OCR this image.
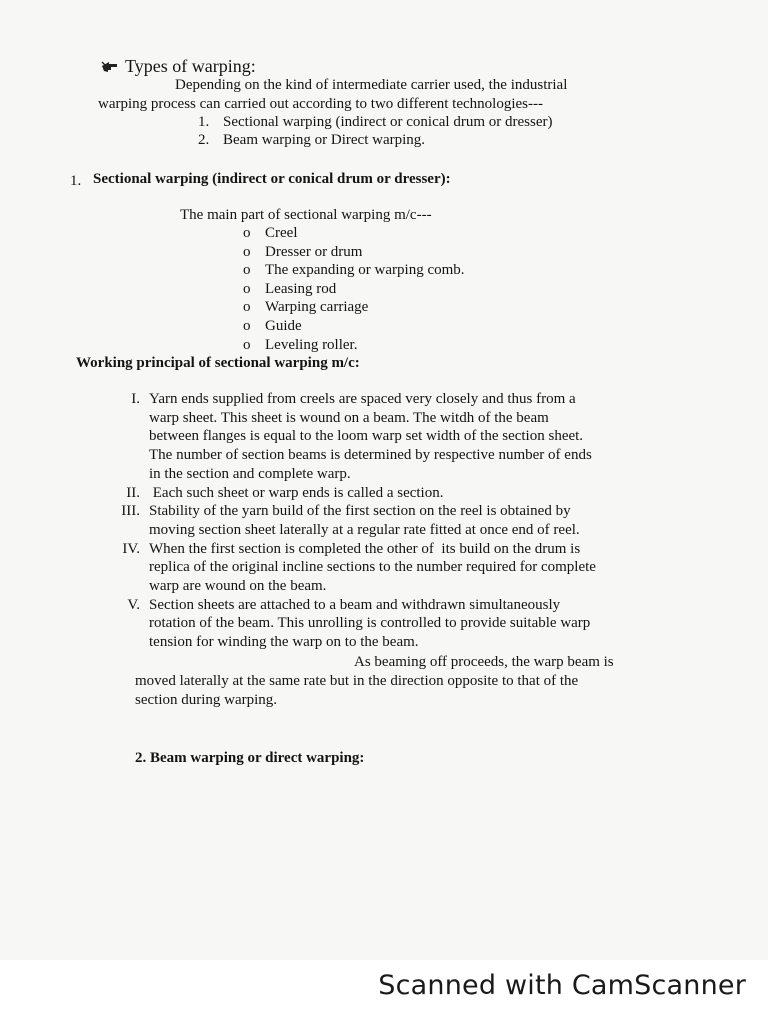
Types of warping:
Depending on the kind of intermediate carrier used, the industrial
warping process can carried out according to two different technologies---
1. Sectional warping (indirect or conical drum or dresser)
2. Beam warping or Direct warping.
1. Sectional warping (indirect or conical drum or dresser):
The main part of sectional warping m/c---
o Creel
o Dresser or drum
o The expanding or warping comb.
o Leasing rod
o Warping carriage
o Guide
o Leveling roller.
Working principal of sectional warping m/c:
I. Yarn ends supplied from creels are spaced very closely and thus from a
warp sheet. This sheet is wound on a beam. The witdh of the beam
between flanges is equal to the loom warp set width of the section sheet.
The number of section beams is determined by respective number of ends
in the section and complete warp.
II. Each such sheet or warp ends is called a section.
III. Stability of the yarn build of the first section on the reel is obtained by
moving section sheet laterally at a regular rate fitted at once end of reel.
IV. When the first section is completed the other of  its build on the drum is
replica of the original incline sections to the number required for complete
warp are wound on the beam.
V. Section sheets are attached to a beam and withdrawn simultaneously
rotation of the beam. This unrolling is controlled to provide suitable warp
tension for winding the warp on to the beam.
As beaming off proceeds, the warp beam is
moved laterally at the same rate but in the direction opposite to that of the
section during warping.
2. Beam warping or direct warping:
Scanned with CamScanner
